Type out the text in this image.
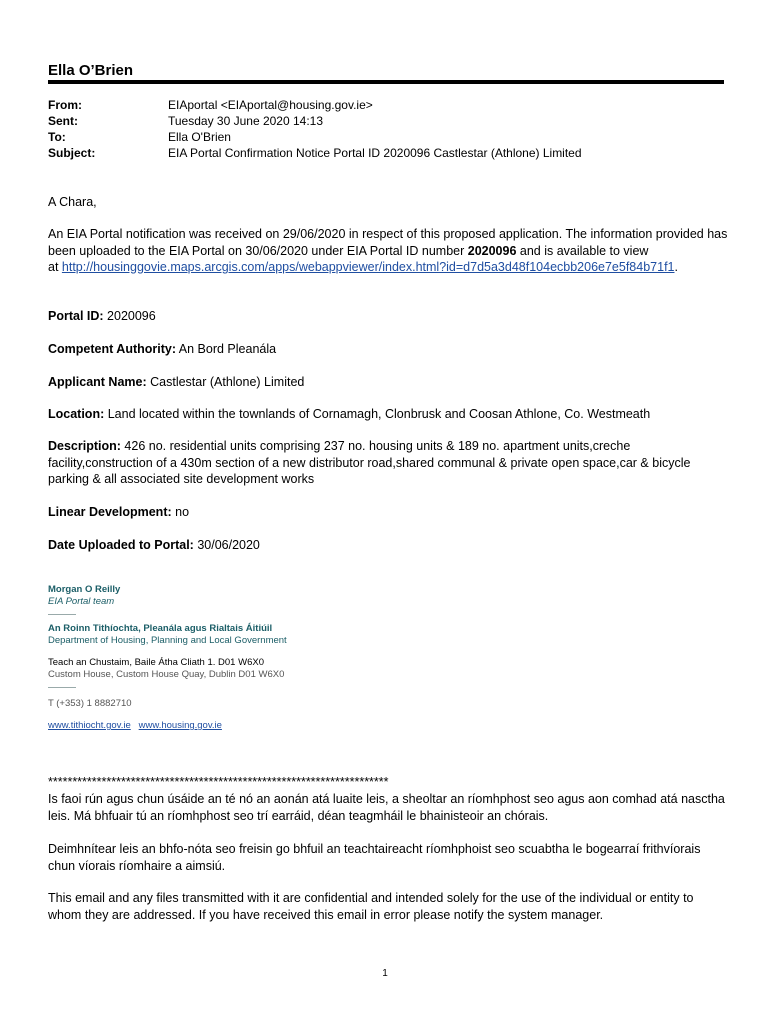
Ella O’Brien
From:	EIAportal <EIAportal@housing.gov.ie>
Sent:	Tuesday 30 June 2020 14:13
To:	Ella O'Brien
Subject:	EIA Portal Confirmation Notice Portal ID 2020096 Castlestar (Athlone) Limited
A Chara,
An EIA Portal notification was received on 29/06/2020 in respect of this proposed application. The information provided has been uploaded to the EIA Portal on 30/06/2020 under EIA Portal ID number 2020096 and is available to view
at http://housinggovie.maps.arcgis.com/apps/webappviewer/index.html?id=d7d5a3d48f104ecbb206e7e5f84b71f1.
Portal ID: 2020096
Competent Authority: An Bord Pleanála
Applicant Name: Castlestar (Athlone) Limited
Location: Land located within the townlands of Cornamagh, Clonbrusk and Coosan Athlone, Co. Westmeath
Description: 426 no. residential units comprising 237 no. housing units & 189 no. apartment units,creche facility,construction of a 430m section of a new distributor road,shared communal & private open space,car & bicycle parking & all associated site development works
Linear Development: no
Date Uploaded to Portal: 30/06/2020
Morgan O Reilly
EIA Portal team
An Roinn Tithíochta, Pleanála agus Rialtais Áitiúil
Department of Housing, Planning and Local Government
Teach an Chustaim, Baile Átha Cliath 1. D01 W6X0
Custom House, Custom House Quay, Dublin D01 W6X0
T (+353) 1 8882710
www.tithiocht.gov.ie www.housing.gov.ie
**********************************************************************
Is faoi rún agus chun úsáide an té nó an aonán atá luaite leis, a sheoltar an ríomhphost seo agus aon comhad atá nasctha leis. Má bhfuair tú an ríomhphost seo trí earráid, déan teagmháil le bhainisteoir an chórais.
Deimhnítear leis an bhfo-nóta seo freisin go bhfuil an teachtaireacht ríomhphoist seo scuabtha le bogearraí frithvíorais chun víorais ríomhaire a aimsiú.
This email and any files transmitted with it are confidential and intended solely for the use of the individual or entity to whom they are addressed. If you have received this email in error please notify the system manager.
1
